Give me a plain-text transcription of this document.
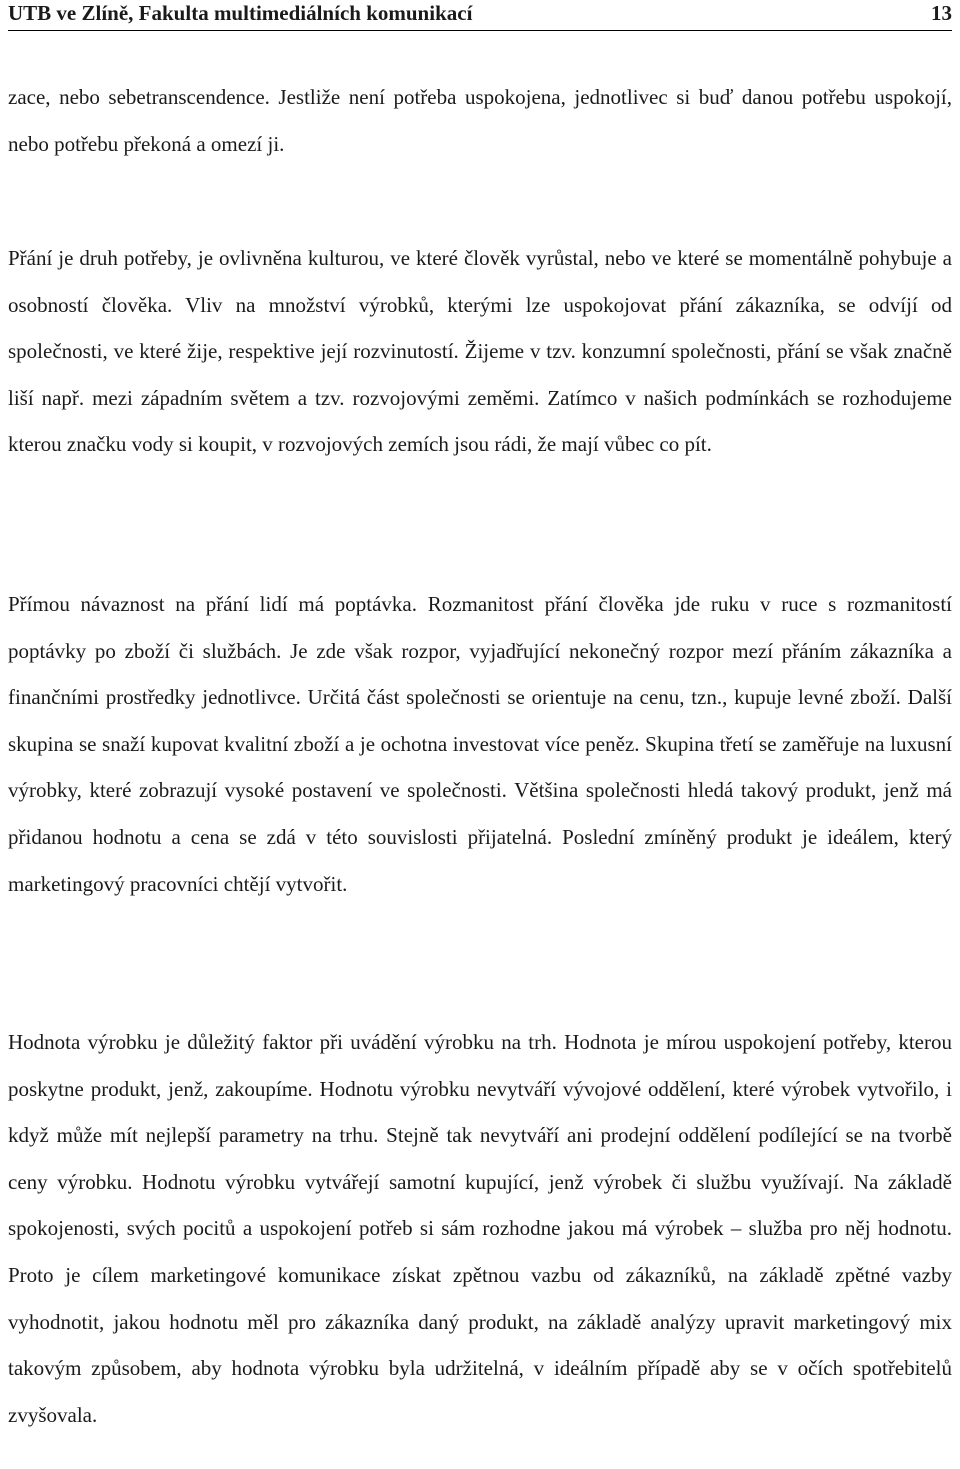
UTB ve Zlíně, Fakulta multimediálních komunikací	13

zace, nebo sebetranscendence. Jestliže není potřeba uspokojena, jednotlivec si buď danou potřebu uspokojí, nebo potřebu překoná a omezí ji.

Přání je druh potřeby, je ovlivněna kulturou, ve které člověk vyrůstal, nebo ve které se momentálně pohybuje a osobností člověka. Vliv na množství výrobků, kterými lze uspokojovat přání zákazníka, se odvíjí od společnosti, ve které žije, respektive její rozvinutostí. Žijeme v tzv. konzumní společnosti, přání se však značně liší např. mezi západním světem a tzv. rozvojovými zeměmi. Zatímco v našich podmínkách se rozhodujeme kterou značku vody si koupit, v rozvojových zemích jsou rádi, že mají vůbec co pít.

Přímou návaznost na přání lidí má poptávka. Rozmanitost přání člověka jde ruku v ruce s rozmanitostí poptávky po zboží či službách. Je zde však rozpor, vyjadřující nekonečný rozpor mezí přáním zákazníka a finančními prostředky jednotlivce. Určitá část společnosti se orientuje na cenu, tzn., kupuje levné zboží. Další skupina se snaží kupovat kvalitní zboží a je ochotna investovat více peněz. Skupina třetí se zaměřuje na luxusní výrobky, které zobrazují vysoké postavení ve společnosti. Většina společnosti hledá takový produkt, jenž má přidanou hodnotu a cena se zdá v této souvislosti přijatelná. Poslední zmíněný produkt je ideálem, který marketingový pracovníci chtějí vytvořit.

Hodnota výrobku je důležitý faktor při uvádění výrobku na trh. Hodnota je mírou uspokojení potřeby, kterou poskytne produkt, jenž, zakoupíme. Hodnotu výrobku nevytváří vývojové oddělení, které výrobek vytvořilo, i když může mít nejlepší parametry na trhu. Stejně tak nevytváří ani prodejní oddělení podílející se na tvorbě ceny výrobku. Hodnotu výrobku vytvářejí samotní kupující, jenž výrobek či službu využívají. Na základě spokojenosti, svých pocitů a uspokojení potřeb si sám rozhodne jakou má výrobek – služba pro něj hodnotu. Proto je cílem marketingové komunikace získat zpětnou vazbu od zákazníků, na základě zpětné vazby vyhodnotit, jakou hodnotu měl pro zákazníka daný produkt, na základě analýzy upravit marketingový mix takovým způsobem, aby hodnota výrobku byla udržitelná, v ideálním případě aby se v očích spotřebitelů zvyšovala.
